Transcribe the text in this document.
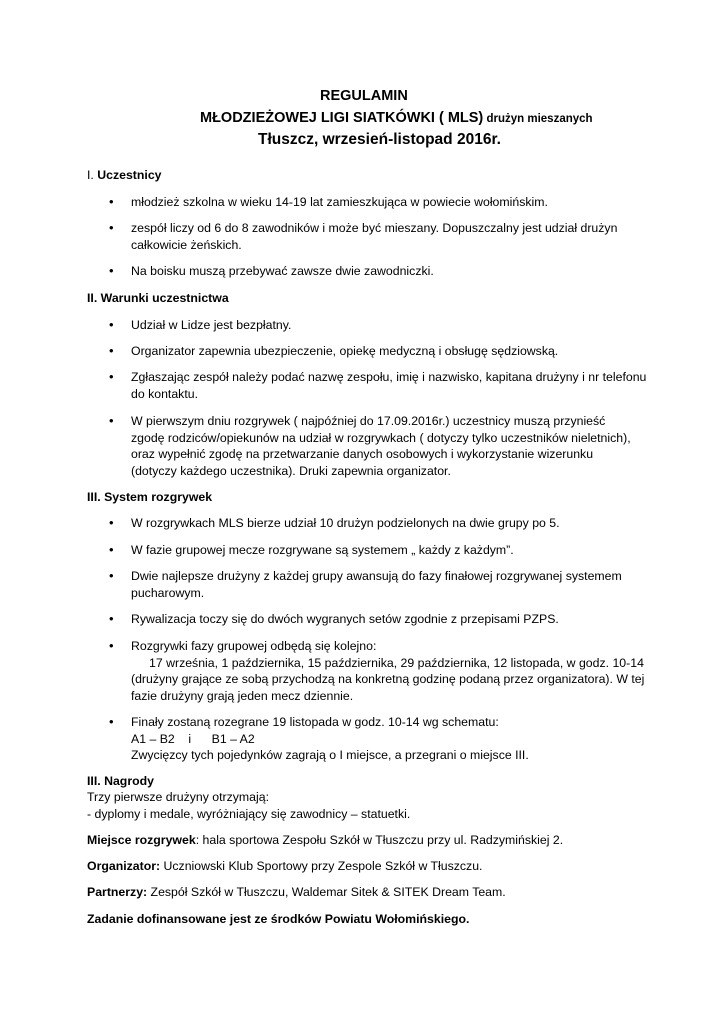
REGULAMIN
MŁODZIEŻOWEJ LIGI SIATKÓWKI ( MLS) drużyn mieszanych
Tłuszcz, wrzesień-listopad 2016r.
I. Uczestnicy
• młodzież szkolna w wieku 14-19 lat zamieszkująca w powiecie wołomińskim.
• zespół liczy od 6 do 8 zawodników i może być mieszany. Dopuszczalny jest udział drużyn
całkowicie żeńskich.
• Na boisku muszą przebywać zawsze dwie zawodniczki.
II. Warunki uczestnictwa
• Udział w Lidze jest bezpłatny.
• Organizator zapewnia ubezpieczenie, opiekę medyczną i obsługę sędziowską.
• Zgłaszając zespół należy podać nazwę zespołu, imię i nazwisko, kapitana drużyny i nr telefonu
do kontaktu.
• W pierwszym dniu rozgrywek ( najpóźniej do 17.09.2016r.) uczestnicy muszą przynieść
zgodę rodziców/opiekunów na udział w rozgrywkach ( dotyczy tylko uczestników nieletnich),
oraz wypełnić zgodę na przetwarzanie danych osobowych i wykorzystanie wizerunku
(dotyczy każdego uczestnika). Druki zapewnia organizator.
III. System rozgrywek
• W rozgrywkach MLS bierze udział 10 drużyn podzielonych na dwie grupy po 5.
• W fazie grupowej mecze rozgrywane są systemem „ każdy z każdym”.
• Dwie najlepsze drużyny z każdej grupy awansują do fazy finałowej rozgrywanej systemem
pucharowym.
• Rywalizacja toczy się do dwóch wygranych setów zgodnie z przepisami PZPS.
• Rozgrywki fazy grupowej odbędą się kolejno:
17 września, 1 października, 15 października, 29 października, 12 listopada, w godz. 10-14
(drużyny grające ze sobą przychodzą na konkretną godzinę podaną przez organizatora). W tej
fazie drużyny grają jeden mecz dziennie.
• Finały zostaną rozegrane 19 listopada w godz. 10-14 wg schematu:
A1 – B2    i      B1 – A2
Zwycięzcy tych pojedynków zagrają o I miejsce, a przegrani o miejsce III.
III. Nagrody
Trzy pierwsze drużyny otrzymają:
- dyplomy i medale, wyróżniający się zawodnicy – statuetki.
Miejsce rozgrywek: hala sportowa Zespołu Szkół w Tłuszczu przy ul. Radzymińskiej 2.
Organizator: Uczniowski Klub Sportowy przy Zespole Szkół w Tłuszczu.
Partnerzy: Zespół Szkół w Tłuszczu, Waldemar Sitek & SITEK Dream Team.
Zadanie dofinansowane jest ze środków Powiatu Wołomińskiego.
